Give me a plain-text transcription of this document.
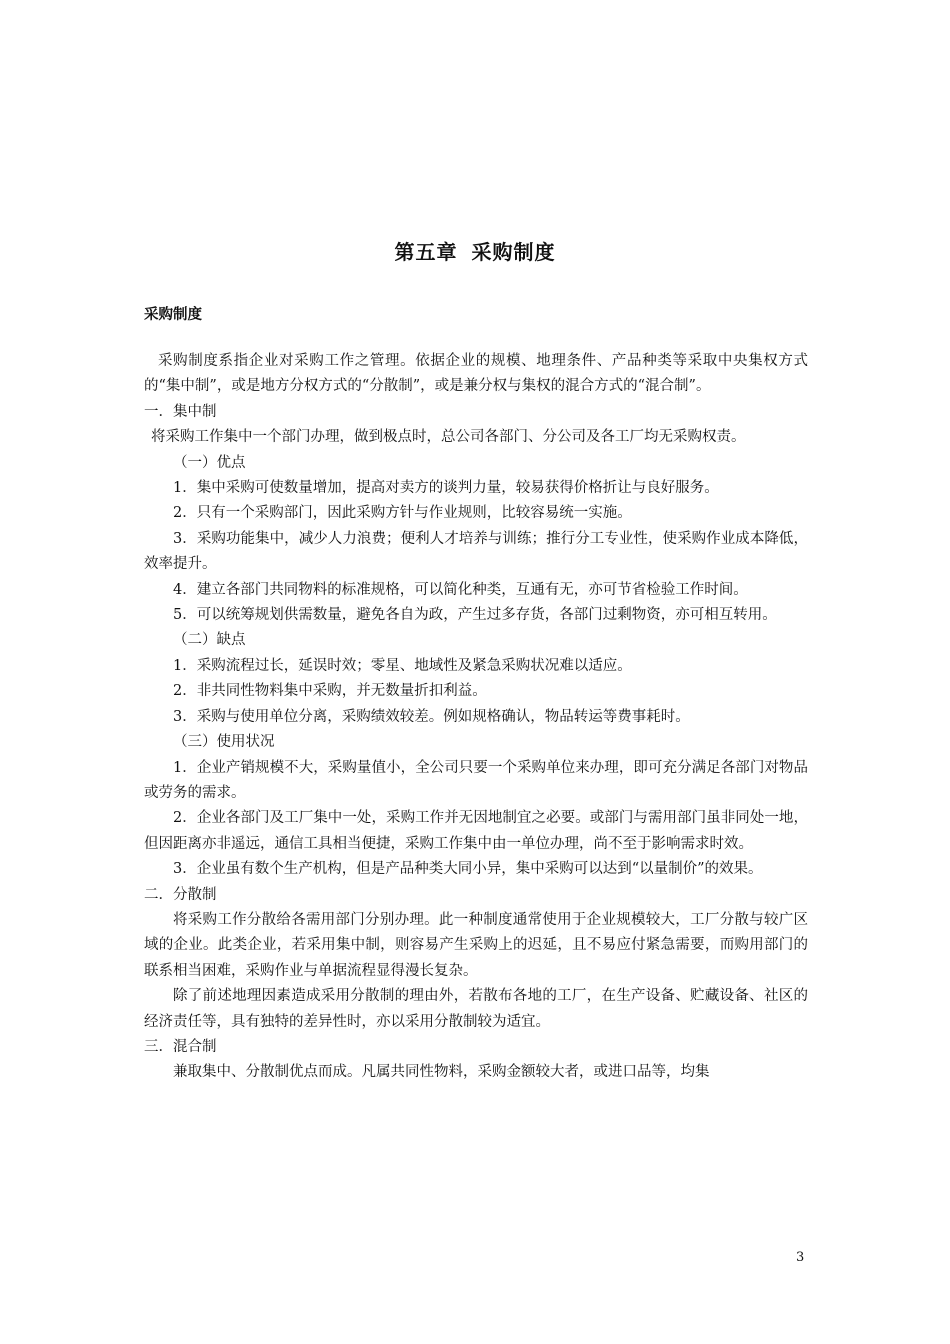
第五章 采购制度
采购制度

采购制度系指企业对采购工作之管理。依据企业的规模、地理条件、产品种类等采取中央集权方式的“集中制”，或是地方分权方式的“分散制”，或是兼分权与集权的混合方式的“混合制”。

一．集中制

将采购工作集中一个部门办理，做到极点时，总公司各部门、分公司及各工厂均无采购权责。

（一）优点

1．集中采购可使数量增加，提高对卖方的谈判力量，较易获得价格折让与良好服务。

2．只有一个采购部门，因此采购方针与作业规则，比较容易统一实施。

3．采购功能集中，减少人力浪费；便利人才培养与训练；推行分工专业性，使采购作业成本降低，效率提升。

4．建立各部门共同物料的标准规格，可以简化种类，互通有无，亦可节省检验工作时间。

5．可以统筹规划供需数量，避免各自为政，产生过多存货，各部门过剩物资，亦可相互转用。

（二）缺点

1．采购流程过长，延误时效；零星、地域性及紧急采购状况难以适应。

2．非共同性物料集中采购，并无数量折扣利益。

3．采购与使用单位分离，采购绩效较差。例如规格确认，物品转运等费事耗时。

（三）使用状况

1．企业产销规模不大，采购量值小，全公司只要一个采购单位来办理，即可充分满足各部门对物品或劳务的需求。

2．企业各部门及工厂集中一处，采购工作并无因地制宜之必要。或部门与需用部门虽非同处一地，但因距离亦非遥远，通信工具相当便捷，采购工作集中由一单位办理，尚不至于影响需求时效。

3．企业虽有数个生产机构，但是产品种类大同小异，集中采购可以达到“以量制价”的效果。

二．分散制

将采购工作分散给各需用部门分别办理。此一种制度通常使用于企业规模较大，工厂分散与较广区域的企业。此类企业，若采用集中制，则容易产生采购上的迟延，且不易应付紧急需要，而购用部门的联系相当困难，采购作业与单据流程显得漫长复杂。

除了前述地理因素造成采用分散制的理由外，若散布各地的工厂，在生产设备、贮藏设备、社区的经济责任等，具有独特的差异性时，亦以采用分散制较为适宜。

三．混合制

兼取集中、分散制优点而成。凡属共同性物料，采购金额较大者，或进口品等，均集

3
